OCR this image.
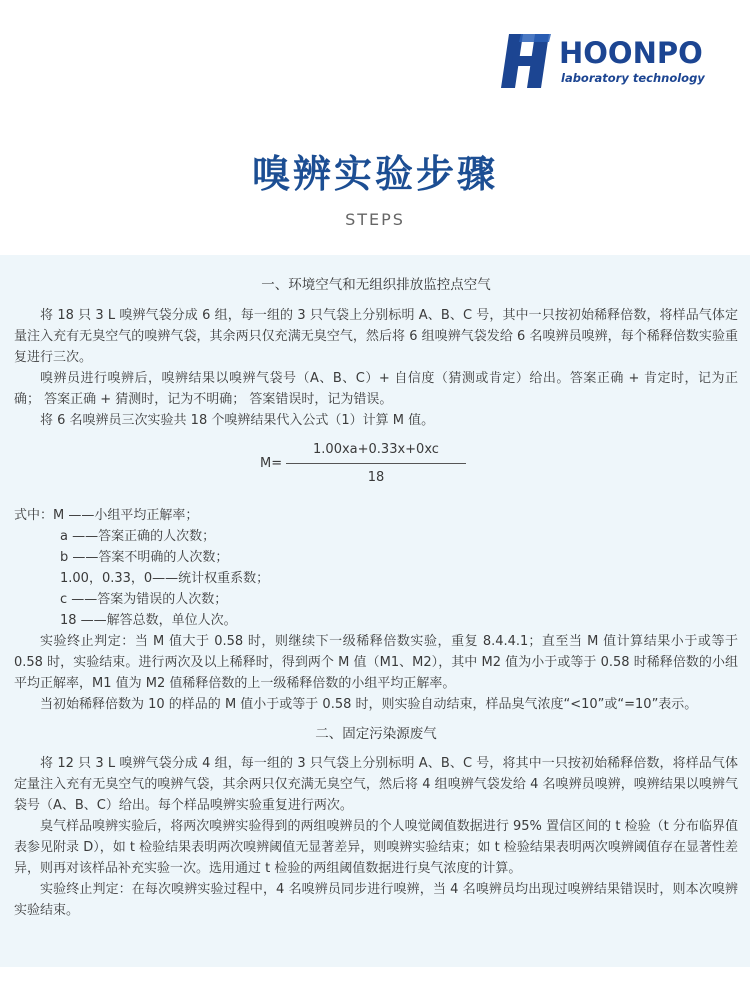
HOONPO
laboratory technology
嗅辨实验步骤
STEPS
一、环境空气和无组织排放监控点空气

将 18 只 3 L 嗅辨气袋分成 6 组，每一组的 3 只气袋上分别标明 A、B、C 号，其中一只按初始稀释倍数，将样品气体定量注入充有无臭空气的嗅辨气袋，其余两只仅充满无臭空气，然后将 6 组嗅辨气袋发给 6 名嗅辨员嗅辨，每个稀释倍数实验重复进行三次。

嗅辨员进行嗅辨后，嗅辨结果以嗅辨气袋号（A、B、C）+ 自信度（猜测或肯定）给出。答案正确 + 肯定时，记为正确； 答案正确 + 猜测时，记为不明确； 答案错误时，记为错误。

将 6 名嗅辨员三次实验共 18 个嗅辨结果代入公式（1）计算 M 值。

M=
1.00xa+0.33x+0xc
18

式中：M ——小组平均正解率；

a ——答案正确的人次数；

b ——答案不明确的人次数；

1.00，0.33，0——统计权重系数；

c ——答案为错误的人次数；

18 ——解答总数，单位人次。

实验终止判定：当 M 值大于 0.58 时，则继续下一级稀释倍数实验，重复 8.4.4.1；直至当 M 值计算结果小于或等于 0.58 时，实验结束。进行两次及以上稀释时，得到两个 M 值（M1、M2），其中 M2 值为小于或等于 0.58 时稀释倍数的小组平均正解率，M1 值为 M2 值稀释倍数的上一级稀释倍数的小组平均正解率。

当初始稀释倍数为 10 的样品的 M 值小于或等于 0.58 时，则实验自动结束，样品臭气浓度“<10”或“=10”表示。

二、固定污染源废气

将 12 只 3 L 嗅辨气袋分成 4 组，每一组的 3 只气袋上分别标明 A、B、C 号，将其中一只按初始稀释倍数，将样品气体定量注入充有无臭空气的嗅辨气袋，其余两只仅充满无臭空气，然后将 4 组嗅辨气袋发给 4 名嗅辨员嗅辨，嗅辨结果以嗅辨气袋号（A、B、C）给出。每个样品嗅辨实验重复进行两次。

臭气样品嗅辨实验后，将两次嗅辨实验得到的两组嗅辨员的个人嗅觉阈值数据进行 95% 置信区间的 t 检验（t 分布临界值表参见附录 D），如 t 检验结果表明两次嗅辨阈值无显著差异，则嗅辨实验结束；如 t 检验结果表明两次嗅辨阈值存在显著性差异，则再对该样品补充实验一次。选用通过 t 检验的两组阈值数据进行臭气浓度的计算。

实验终止判定：在每次嗅辨实验过程中，4 名嗅辨员同步进行嗅辨，当 4 名嗅辨员均出现过嗅辨结果错误时，则本次嗅辨实验结束。
